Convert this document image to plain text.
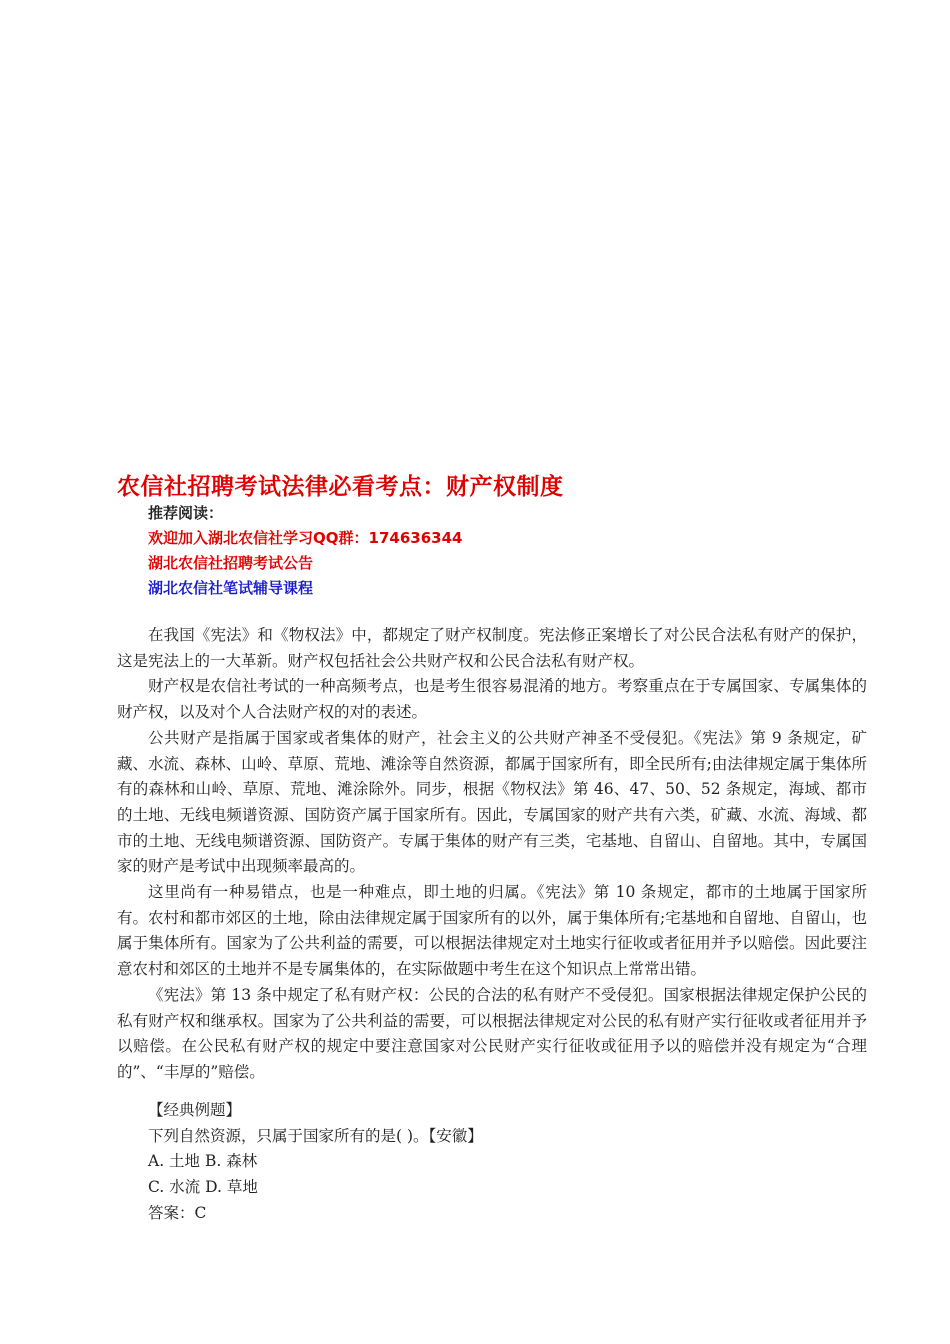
农信社招聘考试法律必看考点：财产权制度
推荐阅读：
欢迎加入湖北农信社学习QQ群：174636344
湖北农信社招聘考试公告
湖北农信社笔试辅导课程

在我国《宪法》和《物权法》中，都规定了财产权制度。宪法修正案增长了对公民合法私有财产的保护，这是宪法上的一大革新。财产权包括社会公共财产权和公民合法私有财产权。

财产权是农信社考试的一种高频考点，也是考生很容易混淆的地方。考察重点在于专属国家、专属集体的财产权，以及对个人合法财产权的对的表述。

公共财产是指属于国家或者集体的财产，社会主义的公共财产神圣不受侵犯。《宪法》第 9 条规定，矿藏、水流、森林、山岭、草原、荒地、滩涂等自然资源，都属于国家所有，即全民所有;由法律规定属于集体所有的森林和山岭、草原、荒地、滩涂除外。同步，根据《物权法》第 46、47、50、52 条规定，海域、都市的土地、无线电频谱资源、国防资产属于国家所有。因此，专属国家的财产共有六类，矿藏、水流、海域、都市的土地、无线电频谱资源、国防资产。专属于集体的财产有三类，宅基地、自留山、自留地。其中，专属国家的财产是考试中出现频率最高的。

这里尚有一种易错点，也是一种难点，即土地的归属。《宪法》第 10 条规定，都市的土地属于国家所有。农村和都市郊区的土地，除由法律规定属于国家所有的以外，属于集体所有;宅基地和自留地、自留山，也属于集体所有。国家为了公共利益的需要，可以根据法律规定对土地实行征收或者征用并予以赔偿。因此要注意农村和郊区的土地并不是专属集体的，在实际做题中考生在这个知识点上常常出错。

《宪法》第 13 条中规定了私有财产权：公民的合法的私有财产不受侵犯。国家根据法律规定保护公民的私有财产权和继承权。国家为了公共利益的需要，可以根据法律规定对公民的私有财产实行征收或者征用并予以赔偿。在公民私有财产权的规定中要注意国家对公民财产实行征收或征用予以的赔偿并没有规定为“合理的”、“丰厚的”赔偿。

【经典例题】
下列自然资源，只属于国家所有的是( )。【安徽】
A. 土地 B. 森林
C. 水流 D. 草地
答案：C
